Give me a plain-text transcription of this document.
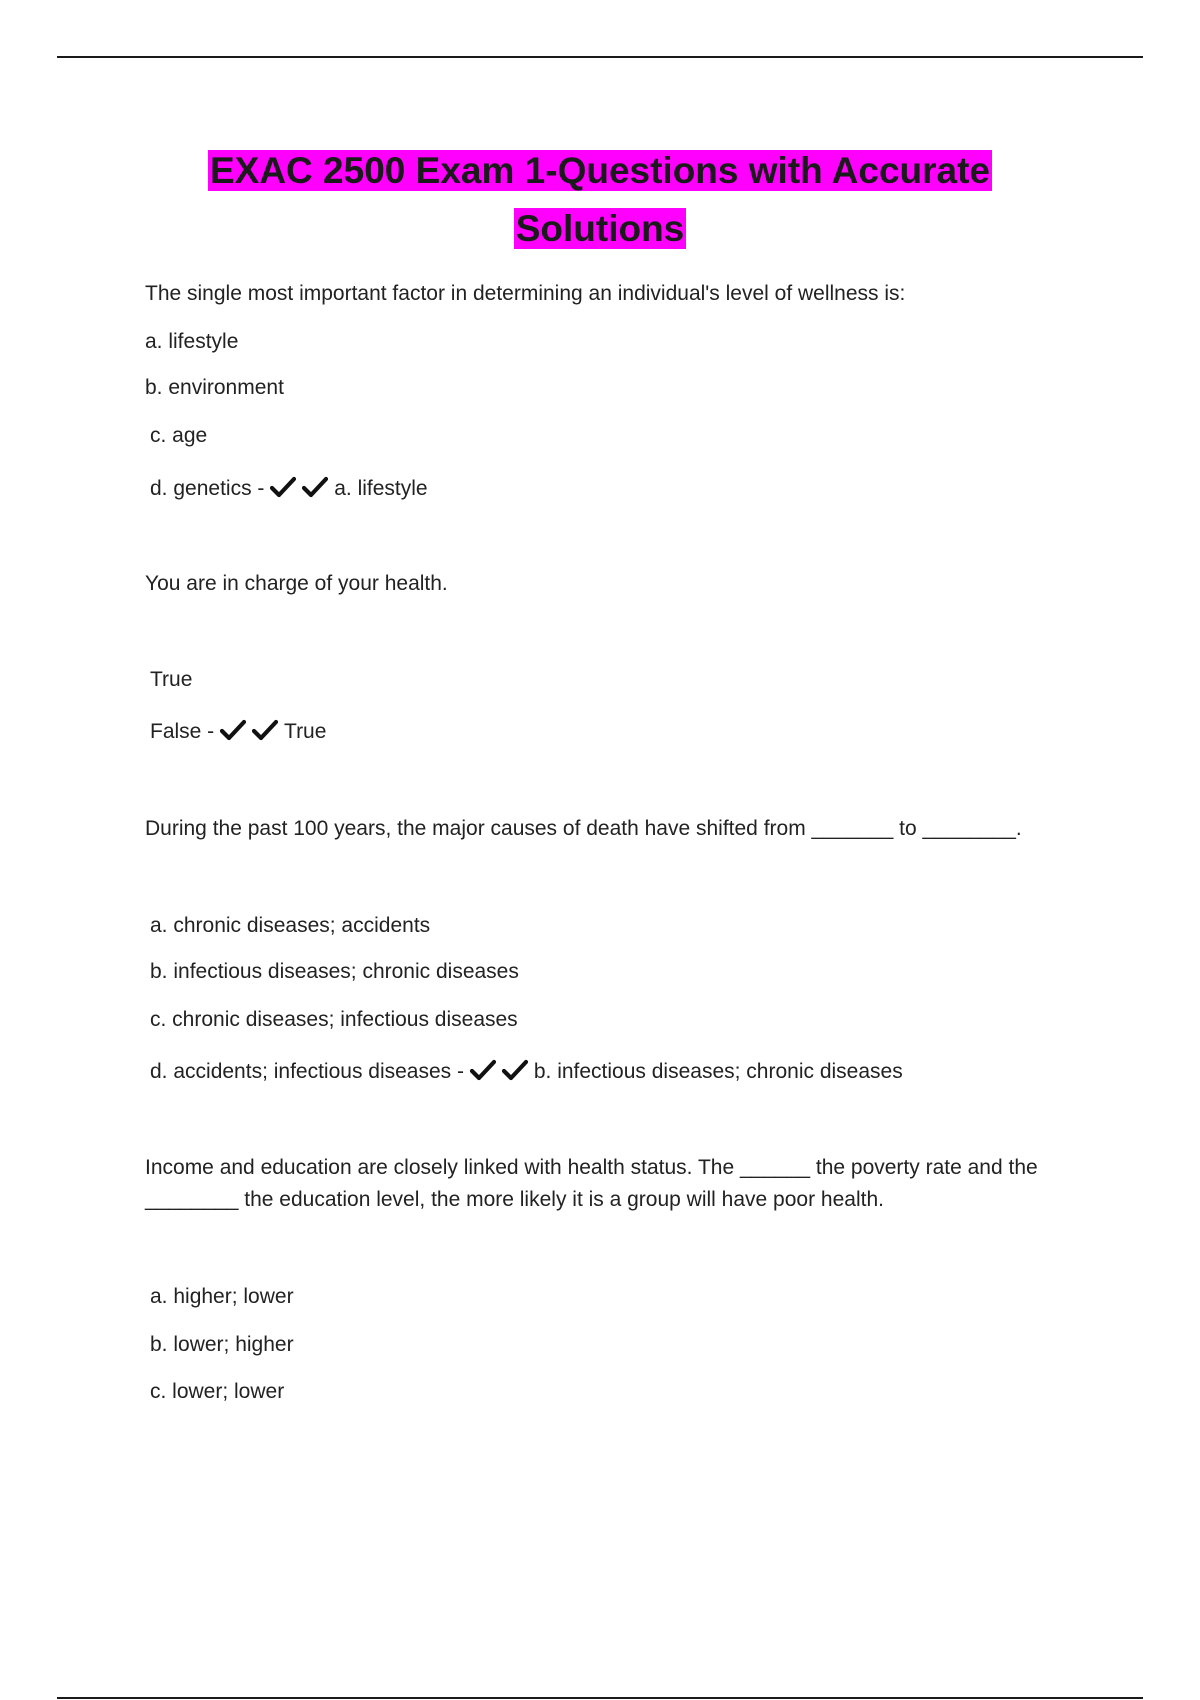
EXAC 2500 Exam 1-Questions with Accurate
Solutions
The single most important factor in determining an individual's level of wellness is:
a. lifestyle
b. environment
c. age
d. genetics -	a. lifestyle
You are in charge of your health.
True
False -	True
During the past 100 years, the major causes of death have shifted from _______ to ________.
a. chronic diseases; accidents
b. infectious diseases; chronic diseases
c. chronic diseases; infectious diseases
d. accidents; infectious diseases -	b. infectious diseases; chronic diseases
Income and education are closely linked with health status. The ______ the poverty rate and the ________ the education level, the more likely it is a group will have poor health.
a. higher; lower
b. lower; higher
c. lower; lower
